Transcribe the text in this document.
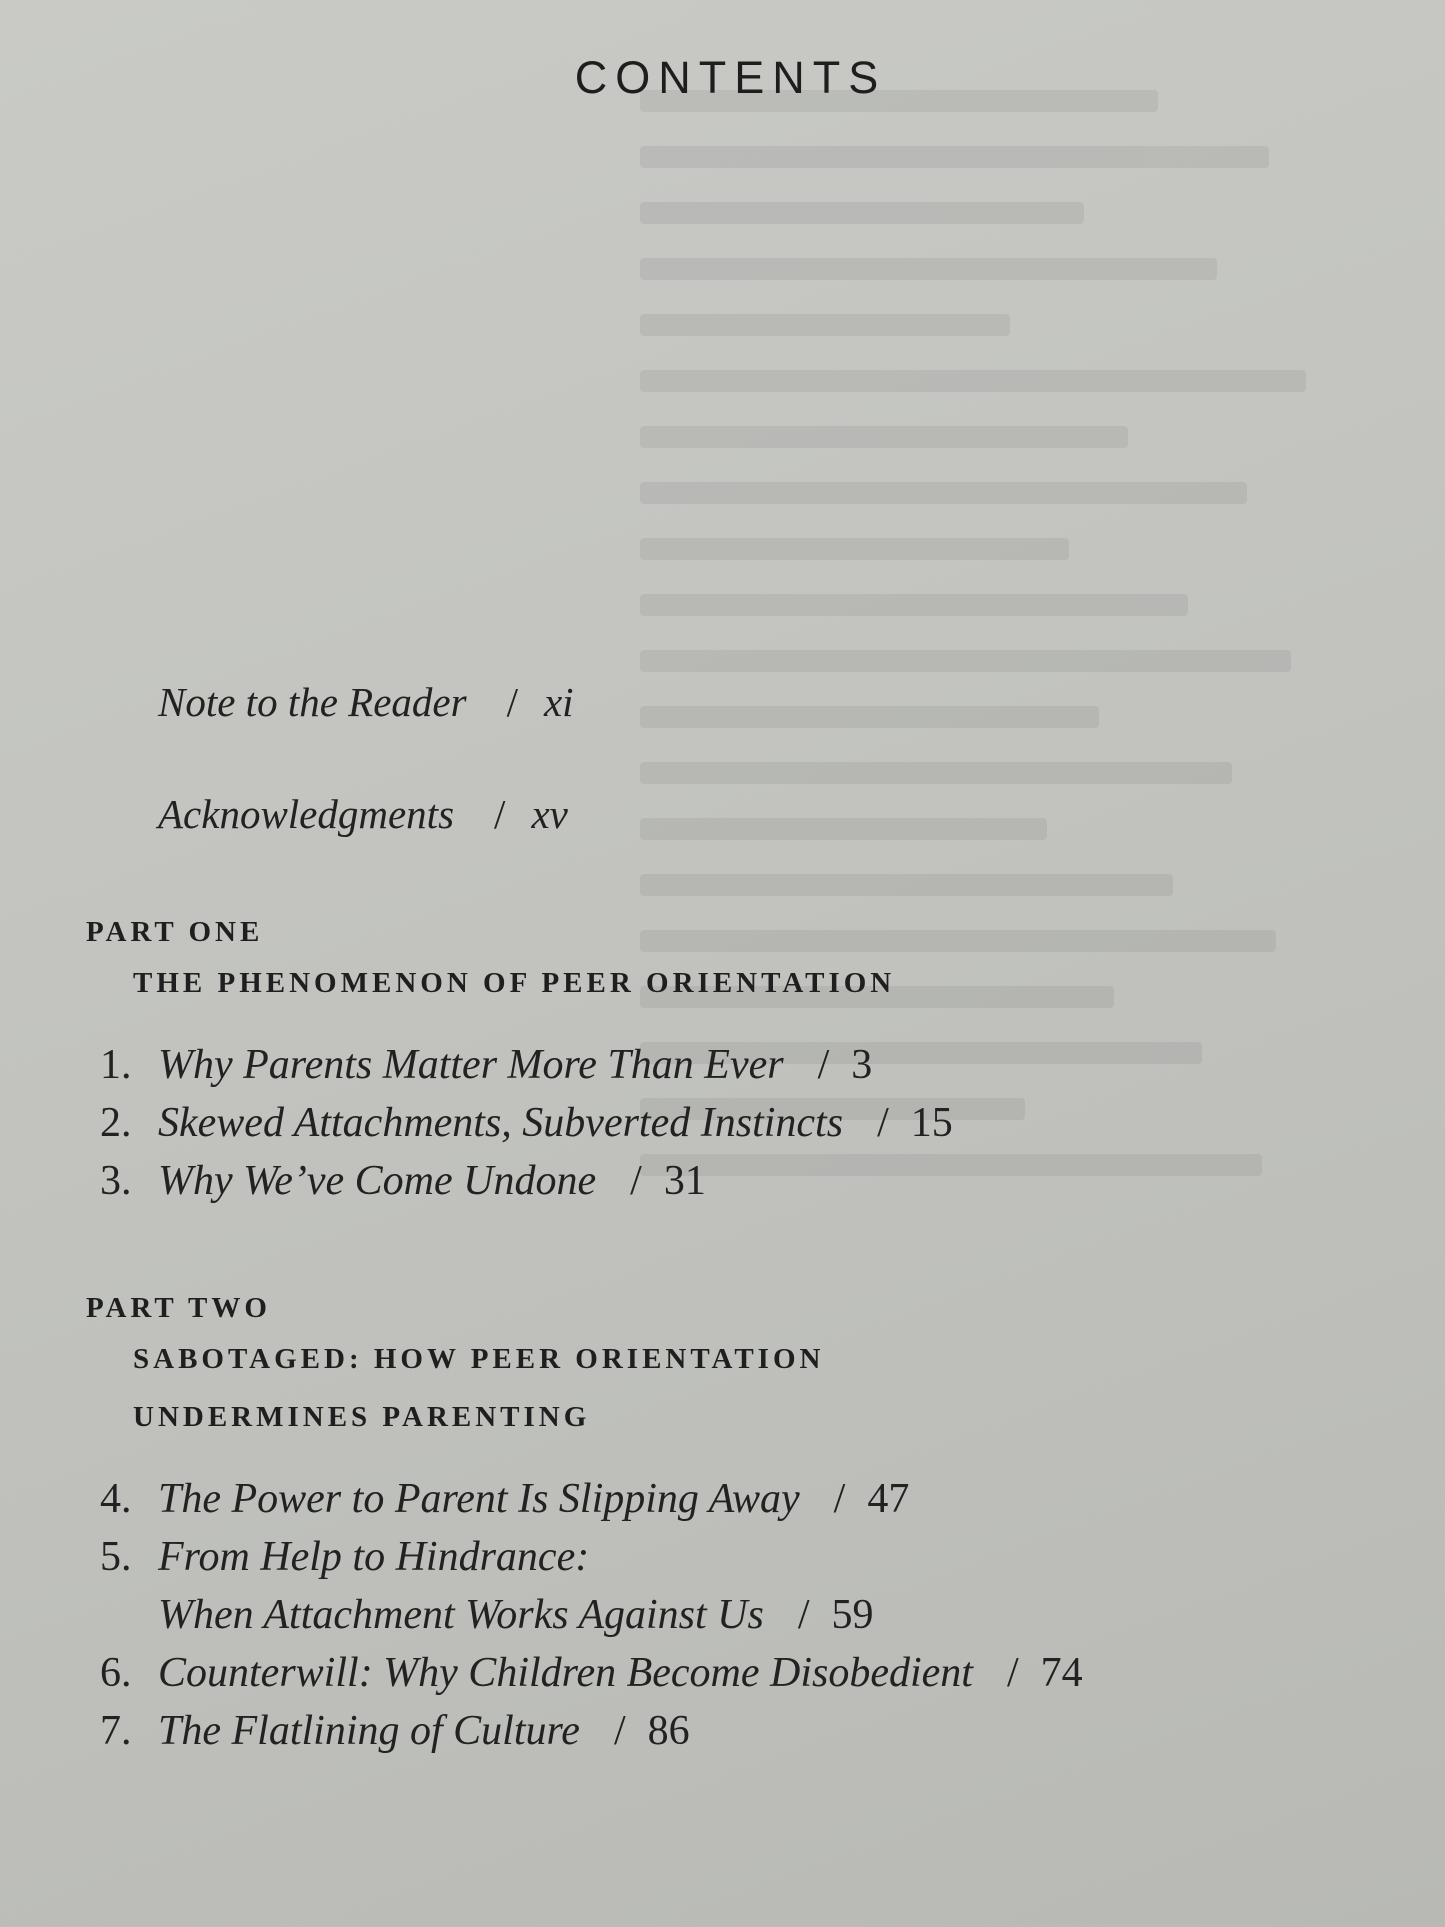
CONTENTS
Note to the Reader / xi
Acknowledgments / xv
PART ONE
THE PHENOMENON OF PEER ORIENTATION
1. Why Parents Matter More Than Ever / 3
2. Skewed Attachments, Subverted Instincts / 15
3. Why We’ve Come Undone / 31
PART TWO
SABOTAGED: HOW PEER ORIENTATION
UNDERMINES PARENTING
4. The Power to Parent Is Slipping Away / 47
5. From Help to Hindrance:
When Attachment Works Against Us / 59
6. Counterwill: Why Children Become Disobedient / 74
7. The Flatlining of Culture / 86
